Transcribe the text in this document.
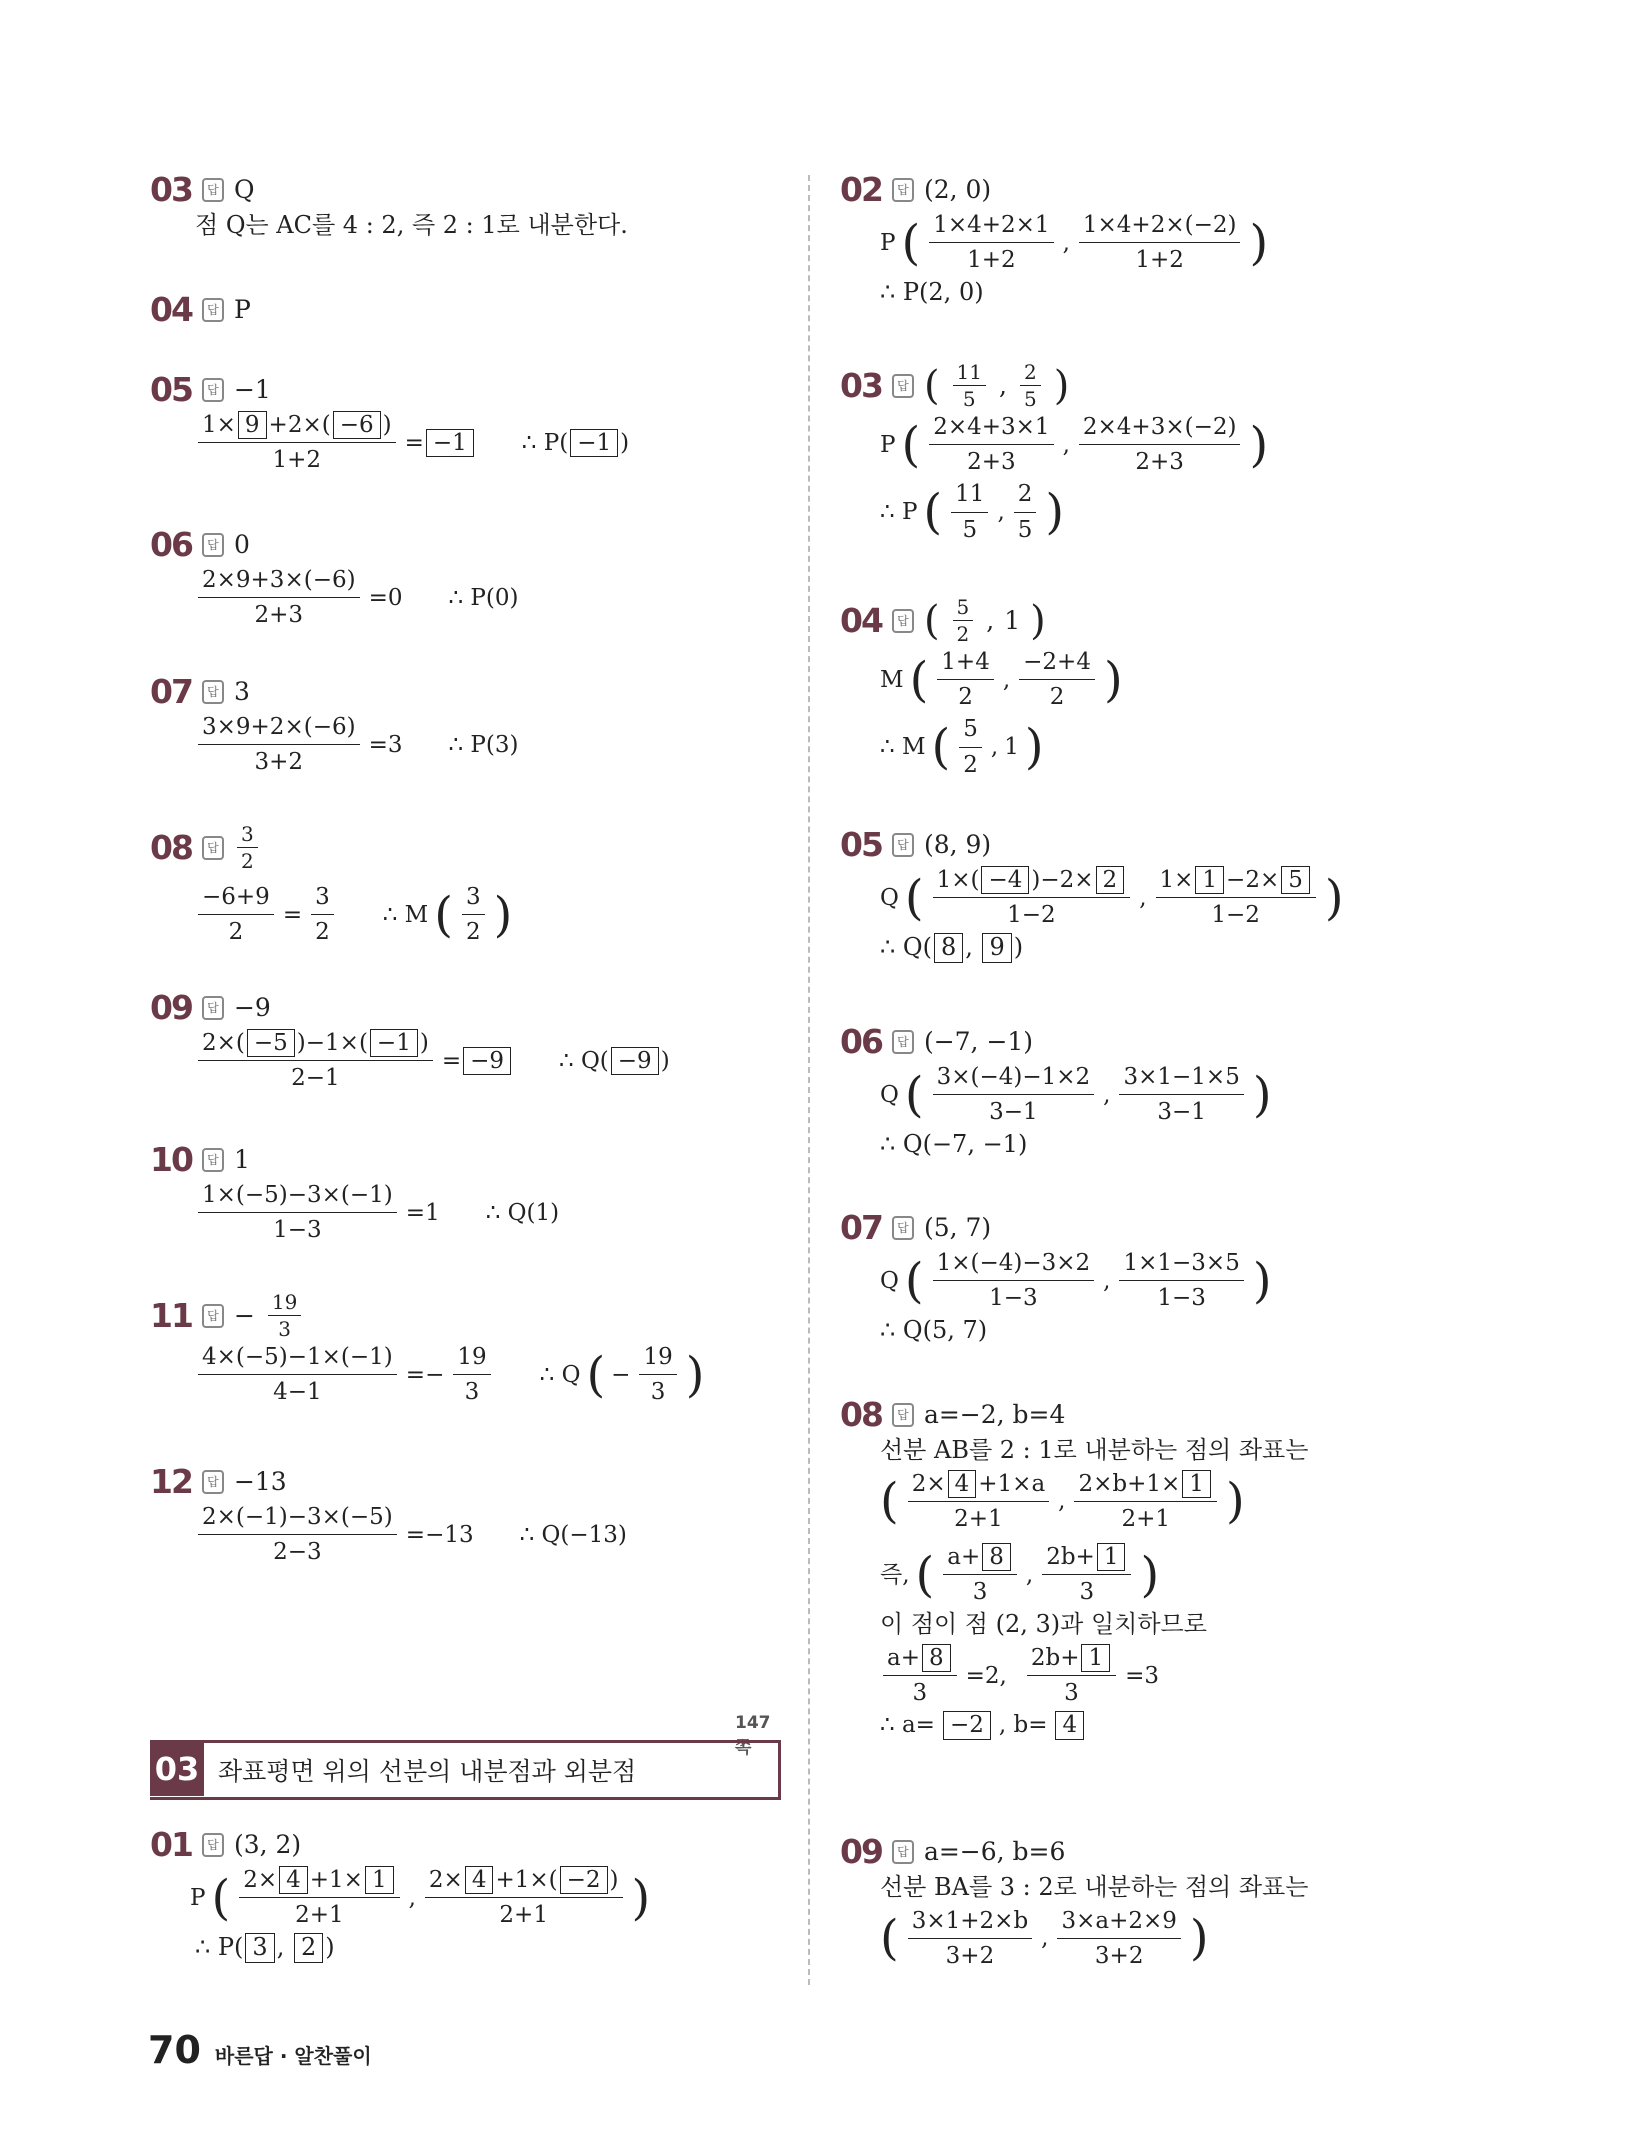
03	답 Q
점 Q는 AC를 4 : 2, 즉 2 : 1로 내분한다.
04	답 P
05	답 −1
$\frac{1\times 9 +2\times( -6 )}{1+2} = -1$	∴ P( −1 )
06	답 0
$\frac{2\times 9+3\times(-6)}{2+3} =0$ ∴ P(0)
07	답 3
$\frac{3\times 9+2\times(-6)}{3+2} =3$ ∴ P(3)
08	답 $\frac{3}{2}$
$\frac{-6+9}{2} = \frac{3}{2}$ ∴ M ( $\frac{3}{2}$ )
09	답 −9
$\frac{2\times( -5 )-1\times( -1 )}{2-1} = -9$	∴ Q( −9 )
10	답 1
$\frac{1\times(-5)-3\times(-1)}{1-3} =1$ ∴ Q(1)
11	답 − $\frac{19}{3}$
$\frac{4\times(-5)-1\times(-1)}{4-1} =- \frac{19}{3}$ ∴ Q ( − $\frac{19}{3}$ )
12	답 −13
$\frac{2\times(-1)-3\times(-5)}{2-3} =-13$ ∴ Q(−13)
147쪽
01	답 (3, 2)
P ( $\frac{2\times 4 +1\times 1}{2+1}$ , $\frac{2\times 4 +1\times( -2 )}{2+1}$ )
∴ P( 3 , 2 )
03 좌표평면 위의 선분의 내분점과 외분점
02	답 (2, 0)
P ( $\frac{1\times 4+2\times 1}{1+2}$ , $\frac{1\times 4+2\times(-2)}{1+2}$ )
∴ P(2, 0)
03	답 ( $\frac{11}{5}$ , $\frac{2}{5}$ )
P ( $\frac{2\times 4+3\times 1}{2+3}$ , $\frac{2\times 4+3\times(-2)}{2+3}$ )
∴ P ( $\frac{11}{5}$ , $\frac{2}{5}$ )
04	답 ( $\frac{5}{2}$ , 1 )
M ( $\frac{1+4}{2}$ , $\frac{-2+4}{2}$ )
∴ M ( $\frac{5}{2}$ , 1 )
05	답 (8, 9)
Q ( $\frac{1\times( -4 )-2\times 2}{1-2}$ , $\frac{1\times 1 -2\times 5}{1-2}$ )
∴ Q( 8 , 9 )
06	답 (−7, −1)
Q ( $\frac{3\times(-4)-1\times 2}{3-1}$ , $\frac{3\times 1-1\times 5}{3-1}$ )
∴ Q(−7, −1)
07	답 (5, 7)
Q ( $\frac{1\times(-4)-3\times 2}{1-3}$ , $\frac{1\times 1-3\times 5}{1-3}$ )
∴ Q(5, 7)
08	답 a=−2, b=4
선분 AB를 2 : 1로 내분하는 점의 좌표는
( $\frac{2\times 4 +1\times a}{2+1}$ , $\frac{2\times b+1\times 1}{2+1}$ )
즉, ( $\frac{a+ 8}{3}$ , $\frac{2b+ 1}{3}$ )
이 점이 점 (2, 3)과 일치하므로
$\frac{a+ 8}{3} =2$, $\frac{2b+ 1}{3} =3$
∴ a= −2 , b= 4
09	답 a=−6, b=6
선분 BA를 3 : 2로 내분하는 점의 좌표는
( $\frac{3\times 1+2\times b}{3+2}$ , $\frac{3\times a+2\times 9}{3+2}$ )
70 바른답 · 알찬풀이
